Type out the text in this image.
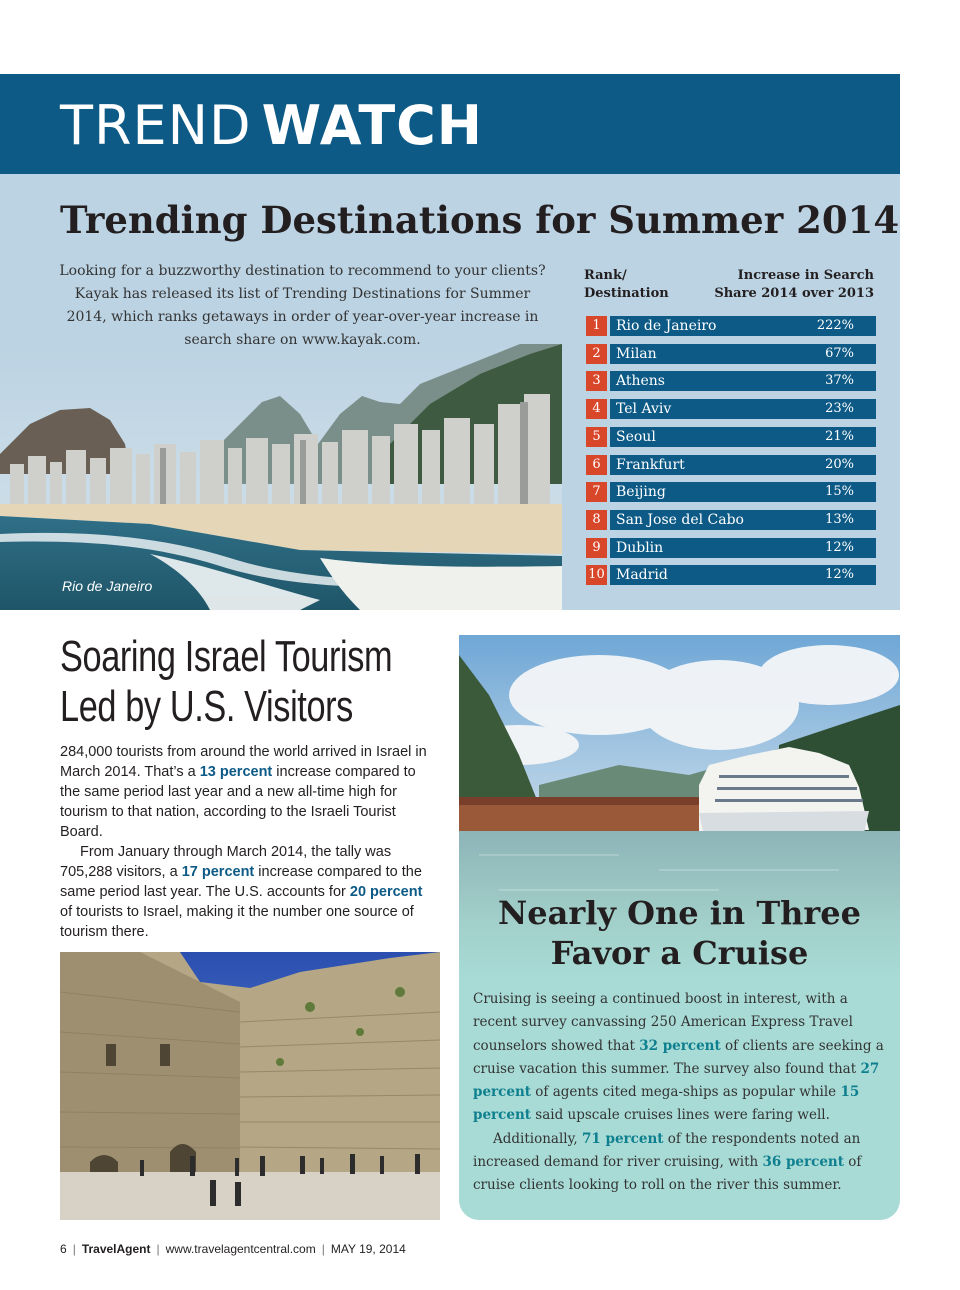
TREND WATCH
Trending Destinations for Summer 2014
Looking for a buzzworthy destination to recommend to your clients? Kayak has released its list of Trending Destinations for Summer 2014, which ranks getaways in order of year-over-year increase in search share on www.kayak.com.
Rio de Janeiro
Rank/
Destination
Increase in Search
Share 2014 over 2013
1	Rio de Janeiro	222%
2	Milan	67%
3	Athens	37%
4	Tel Aviv	23%
5	Seoul	21%
6	Frankfurt	20%
7	Beijing	15%
8	San Jose del Cabo	13%
9	Dublin	12%
10 Madrid	12%
Soaring Israel Tourism
Led by U.S. Visitors

284,000 tourists from around the world arrived in Israel in March 2014. That’s a 13 percent increase compared to the same period last year and a new all-time high for tourism to that nation, according to the Israeli Tourist Board.

From January through March 2014, the tally was 705,288 visitors, a 17 percent increase compared to the same period last year. The U.S. accounts for 20 percent of tourists to Israel, making it the number one source of tourism there.	Nearly One in Three
Favor a Cruise

Cruising is seeing a continued boost in interest, with a recent survey canvassing 250 American Express Travel counselors showed that 32 percent of clients are seeking a cruise vacation this summer. The survey also found that 27 percent of agents cited mega-ships as popular while 15 percent said upscale cruises lines were faring well.

Additionally, 71 percent of the respondents noted an increased demand for river cruising, with 36 percent of cruise clients looking to roll on the river this summer.

6 | TravelAgent | www.travelagentcentral.com | MAY 19, 2014
